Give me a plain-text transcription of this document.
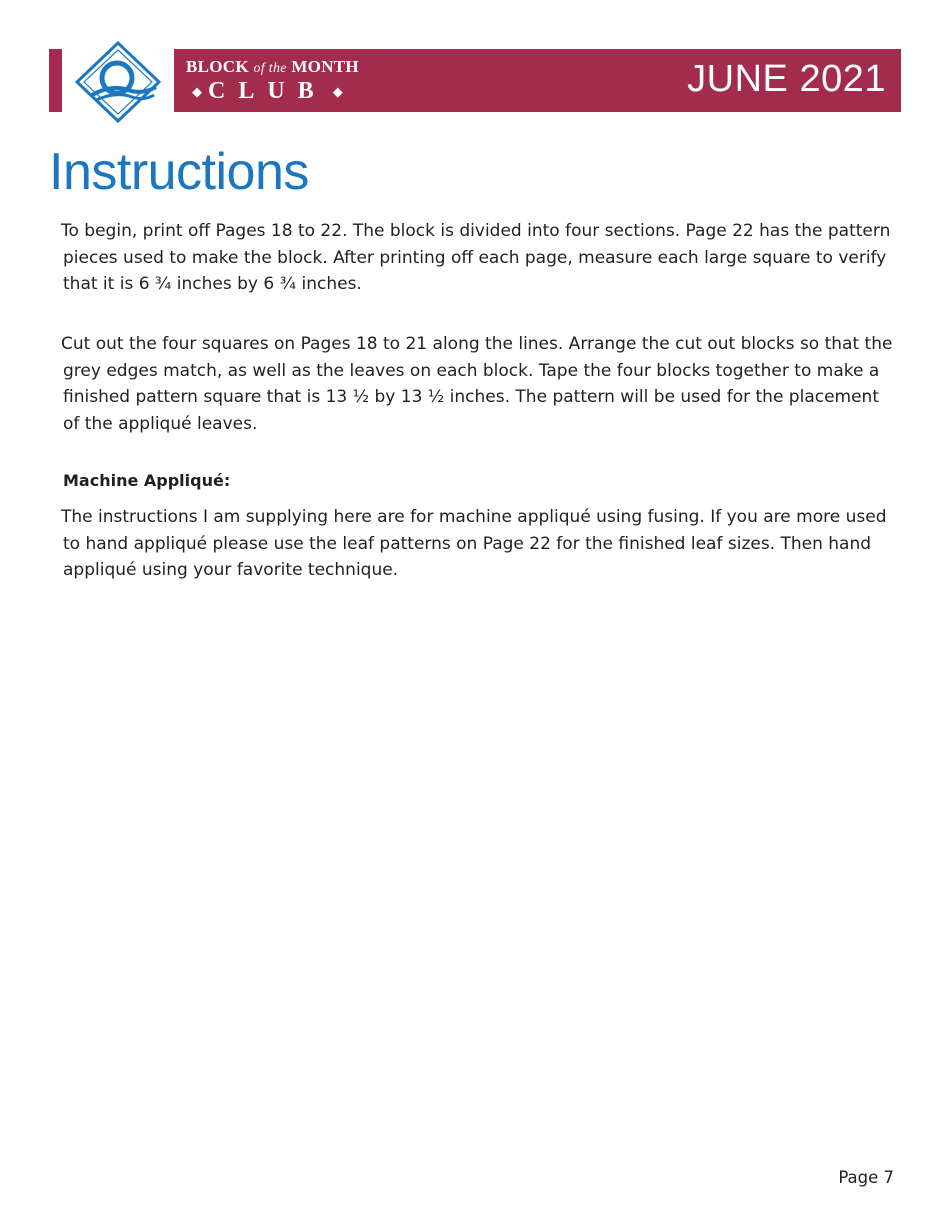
BLOCK of the MONTH
◆ CLUB ◆	JUNE 2021
Instructions

To begin, print off Pages 18 to 22. The block is divided into four sections. Page 22 has the pattern pieces used to make the block. After printing off each page, measure each large square to verify that it is 6 ¾ inches by 6 ¾ inches.

Cut out the four squares on Pages 18 to 21 along the lines. Arrange the cut out blocks so that the grey edges match, as well as the leaves on each block. Tape the four blocks together to make a finished pattern square that is 13 ½ by 13 ½ inches. The pattern will be used for the placement of the appliqué leaves.

Machine Appliqué:

The instructions I am supplying here are for machine appliqué using fusing. If you are more used to hand appliqué please use the leaf patterns on Page 22 for the finished leaf sizes. Then hand appliqué using your favorite technique.

Page 7
